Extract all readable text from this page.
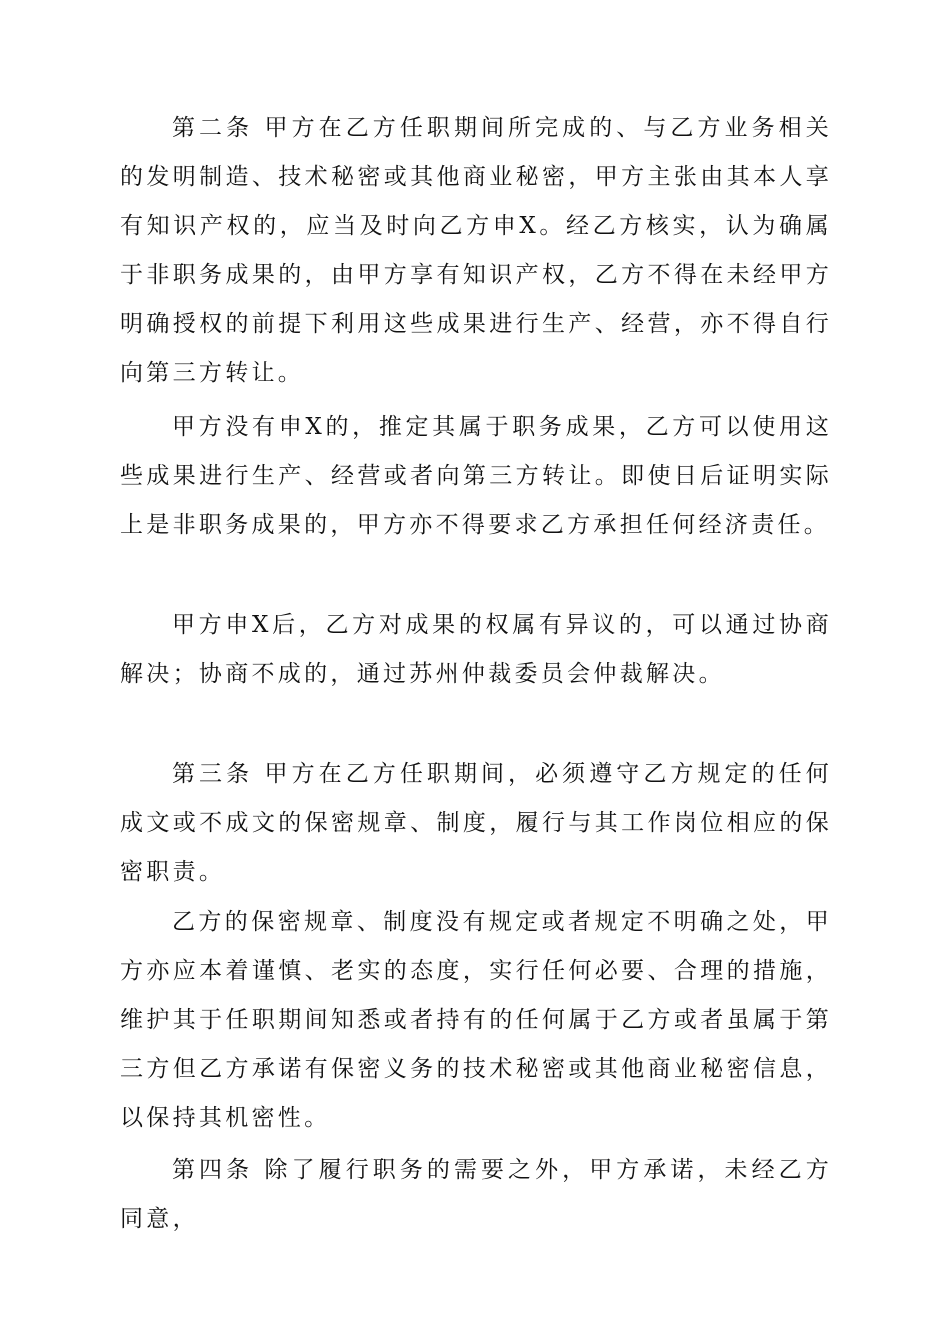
第二条 甲方在乙方任职期间所完成的、与乙方业务相关的发明制造、技术秘密或其他商业秘密，甲方主张由其本人享有知识产权的，应当及时向乙方申X。经乙方核实，认为确属于非职务成果的，由甲方享有知识产权，乙方不得在未经甲方明确授权的前提下利用这些成果进行生产、经营，亦不得自行向第三方转让。

甲方没有申X的，推定其属于职务成果，乙方可以使用这些成果进行生产、经营或者向第三方转让。即使日后证明实际上是非职务成果的，甲方亦不得要求乙方承担任何经济责任。

甲方申X后，乙方对成果的权属有异议的，可以通过协商解决；协商不成的，通过苏州仲裁委员会仲裁解决。

第三条 甲方在乙方任职期间，必须遵守乙方规定的任何成文或不成文的保密规章、制度，履行与其工作岗位相应的保密职责。

乙方的保密规章、制度没有规定或者规定不明确之处，甲方亦应本着谨慎、老实的态度，实行任何必要、合理的措施，维护其于任职期间知悉或者持有的任何属于乙方或者虽属于第三方但乙方承诺有保密义务的技术秘密或其他商业秘密信息，以保持其机密性。

第四条 除了履行职务的需要之外，甲方承诺，未经乙方同意，
